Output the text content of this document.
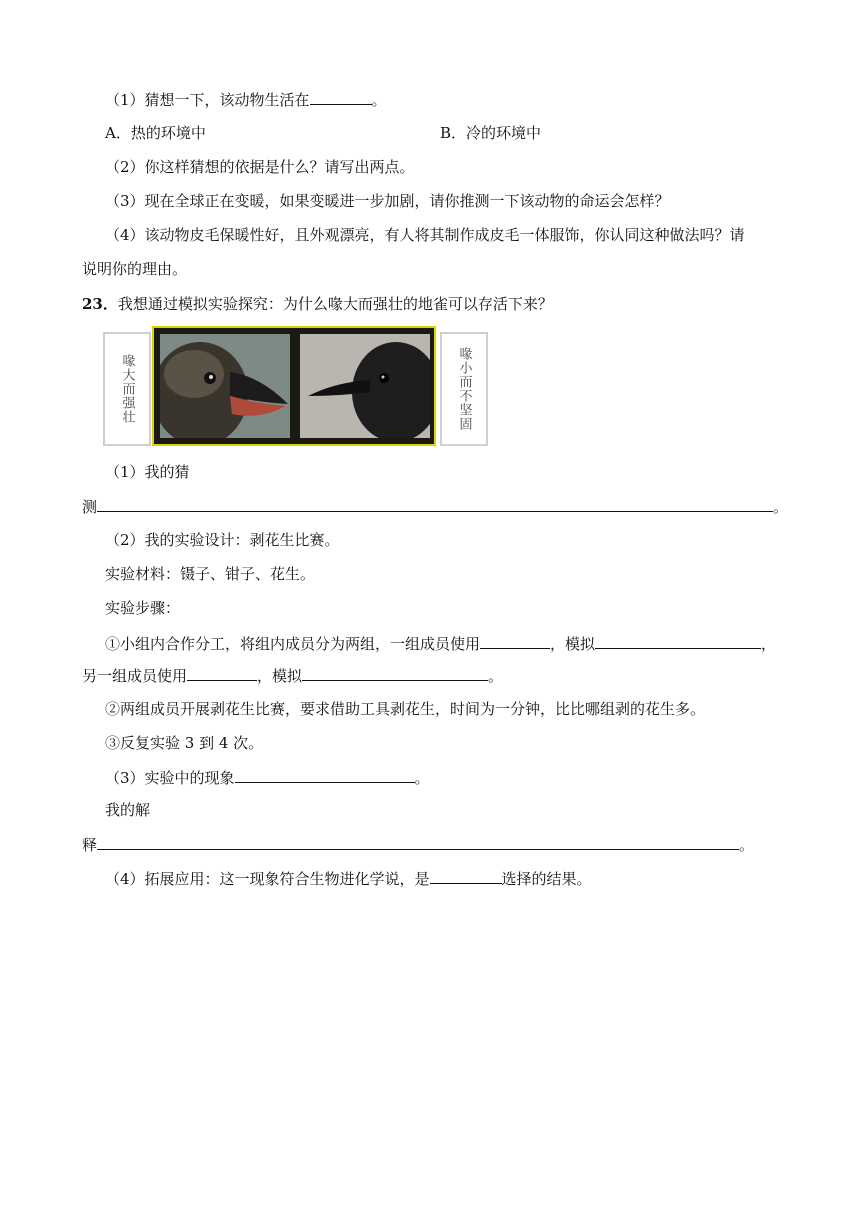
（1）猜想一下，该动物生活在	。
A．热的环境中	B．冷的环境中
（2）你这样猜想的依据是什么？请写出两点。
（3）现在全球正在变暖，如果变暖进一步加剧，请你推测一下该动物的命运会怎样？
（4）该动物皮毛保暖性好，且外观漂亮，有人将其制作成皮毛一体服饰，你认同这种做法吗？请
说明你的理由。
23．我想通过模拟实验探究：为什么喙大而强壮的地雀可以存活下来？
喙大而强壮	喙小而不坚固
（1）我的猜
测	。
（2）我的实验设计：剥花生比赛。
实验材料：镊子、钳子、花生。
实验步骤：
①小组内合作分工，将组内成员分为两组，一组成员使用	，模拟	，
另一组成员使用	，模拟	。
②两组成员开展剥花生比赛，要求借助工具剥花生，时间为一分钟，比比哪组剥的花生多。
③反复实验 3 到 4 次。
（3）实验中的现象	。
我的解
释	。
（4）拓展应用：这一现象符合生物进化学说，是	选择的结果。
